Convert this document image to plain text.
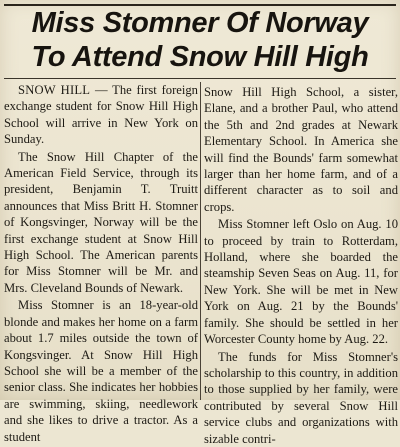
Miss Stomner Of Norway
To Attend Snow Hill High

SNOW HILL — The first foreign exchange student for Snow Hill High School will arrive in New York on Sunday.

The Snow Hill Chapter of the American Field Service, through its president, Benjamin T. Truitt announces that Miss Britt H. Stomner of Kongsvinger, Norway will be the first exchange student at Snow Hill High School. The American parents for Miss Stomner will be Mr. and Mrs. Cleveland Bounds of Newark.

Miss Stomner is an 18-year-old blonde and makes her home on a farm about 1.7 miles outside the town of Kongsvinger. At Snow Hill High School she will be a member of the senior class. She indicates her hobbies are swimming, skiing, needlework and she likes to drive a tractor. As a student

Snow Hill High School, a sister, Elane, and a brother Paul, who attend the 5th and 2nd grades at Newark Elementary School. In America she will find the Bounds' farm somewhat larger than her home farm, and of a different character as to soil and crops.

Miss Stomner left Oslo on Aug. 10 to proceed by train to Rotterdam, Holland, where she boarded the steamship Seven Seas on Aug. 11, for New York. She will be met in New York on Aug. 21 by the Bounds' family. She should be settled in her Worcester County home by Aug. 22.

The funds for Miss Stomner's scholarship to this country, in addition to those supplied by her family, were contributed by several Snow Hill service clubs and organizations with sizable contri-
